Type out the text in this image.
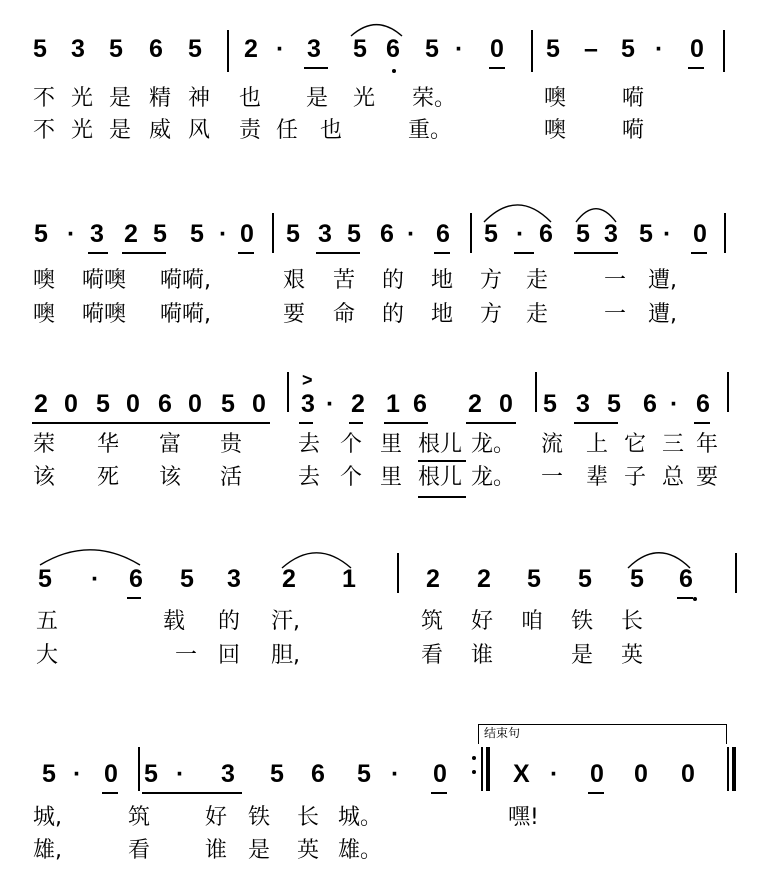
5 3 5 6 5 2 · 3 5 6 5 · 0 5 – 5 · 0
不 光 是 精 神 也 是 光 荣。	噢	嗬
不 光 是 威 风 责 任 也	重。	噢	嗬
5 · 3 2 5 5 · 0 5 3 5 6 · 6 5 · 6 5 3 5 · 0
噢 嗬噢 嗬嗬,	艰 苦 的 地 方 走	一 遭,
噢 嗬噢 嗬嗬,	要 命 的 地 方 走	一 遭,
>
2 0 5 0 6 0 5 0 3 · 2 1 6 2 0 5 3 5 6 · 6
荣 华 富 贵	去 个 里 根儿 龙。 流 上 它 三 年
该 死 该 活	去 个 里 根儿 龙。 一 辈 子 总 要
5 · 6 5 3 2 1	2 2 5 5 5 6
五	载 的 汗,	筑 好 咱 铁 长
大	一 回 胆,	看 谁	是 英
结束句
5 · 0 5 · 3 5 6 5 · 0	X · 0 0 0
城,	筑 好 铁 长 城。	嘿!
雄,	看 谁 是 英 雄。
